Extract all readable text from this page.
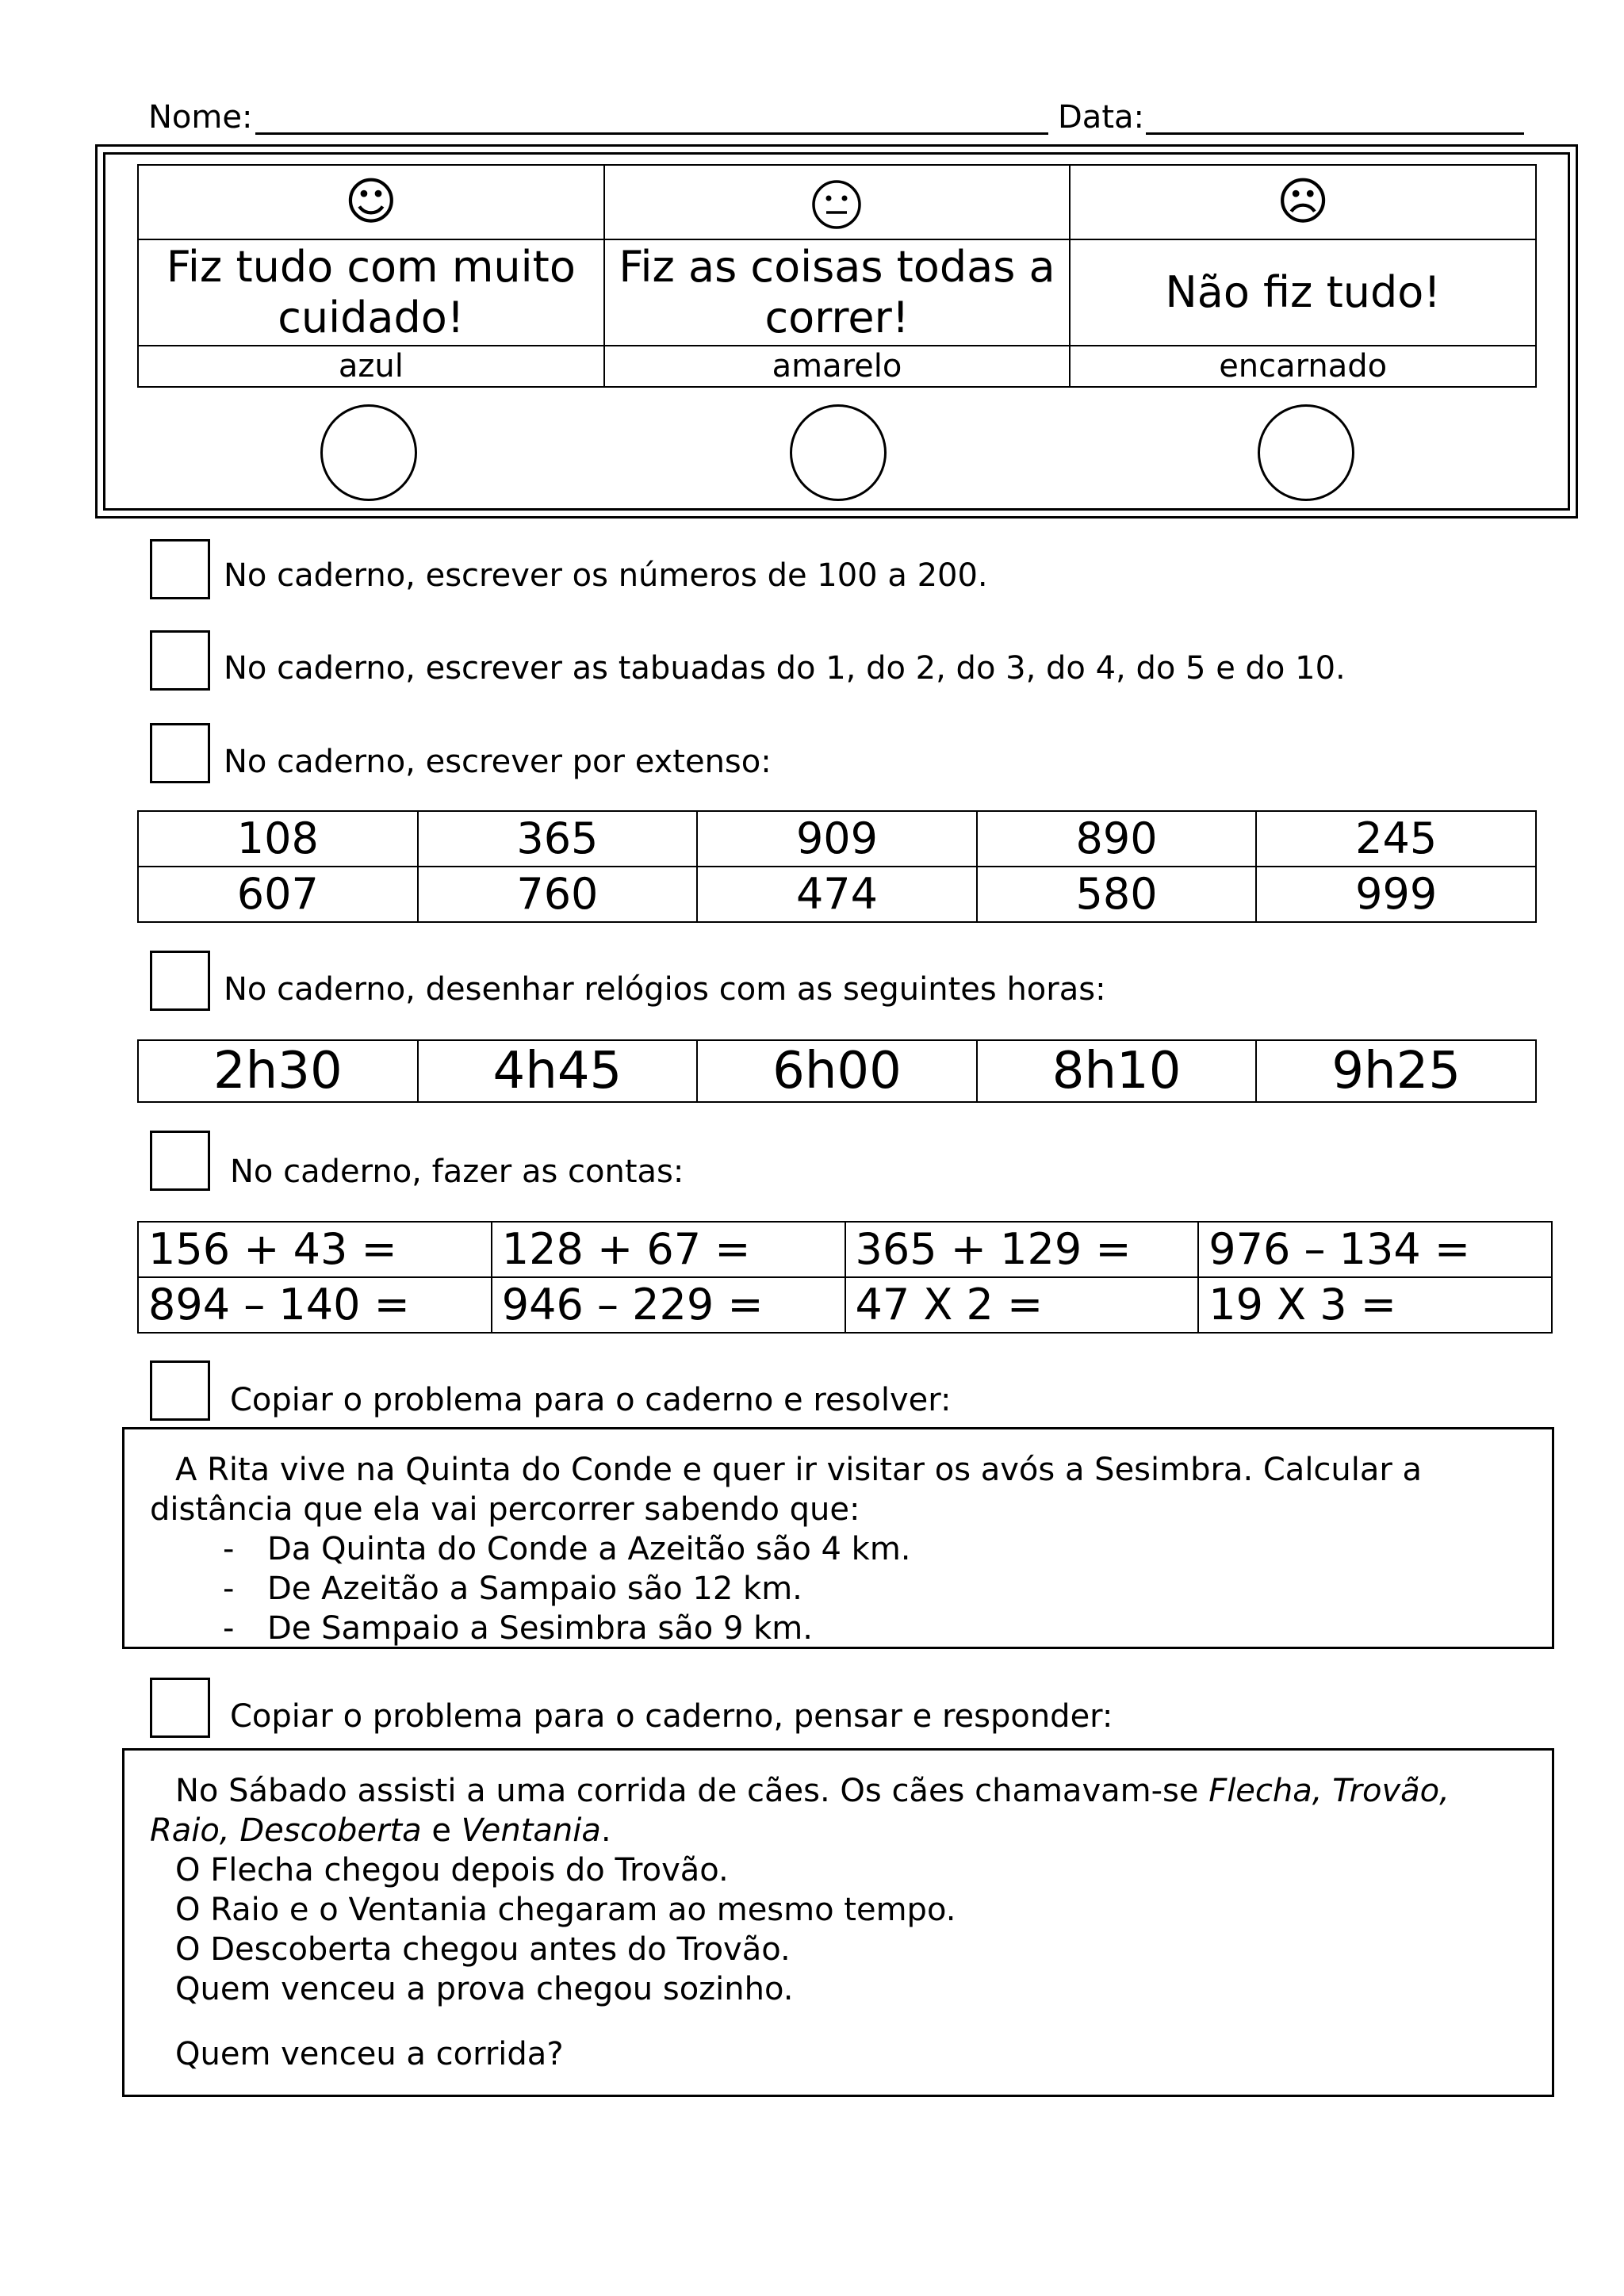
Nome:	Data:
☺		☹
Fiz tudo com muito cuidado!	Fiz as coisas todas a correr!	Não fiz tudo!
azul	amarelo	encarnado
No caderno, escrever os números de 100 a 200.
No caderno, escrever as tabuadas do 1, do 2, do 3, do 4, do 5 e do 10.
No caderno, escrever por extenso:
108	365	909	890	245
607	760	474	580	999
No caderno, desenhar relógios com as seguintes horas:
2h30	4h45	6h00	8h10	9h25
No caderno, fazer as contas:
156 + 43 =	128 + 67 =	365 + 129 =	976 – 134 =
894 – 140 =	946 – 229 =	47 X 2 =	19 X 3 =
Copiar o problema para o caderno e resolver:

A Rita vive na Quinta do Conde e quer ir visitar os avós a Sesimbra. Calcular a distância que ela vai percorrer sabendo que:

-	Da Quinta do Conde a Azeitão são 4 km.

-	De Azeitão a Sampaio são 12 km.

-	De Sampaio a Sesimbra são 9 km.

Copiar o problema para o caderno, pensar e responder:

No Sábado assisti a uma corrida de cães. Os cães chamavam-se Flecha, Trovão, Raio, Descoberta e Ventania.

O Flecha chegou depois do Trovão.

O Raio e o Ventania chegaram ao mesmo tempo.

O Descoberta chegou antes do Trovão.

Quem venceu a prova chegou sozinho.

Quem venceu a corrida?
